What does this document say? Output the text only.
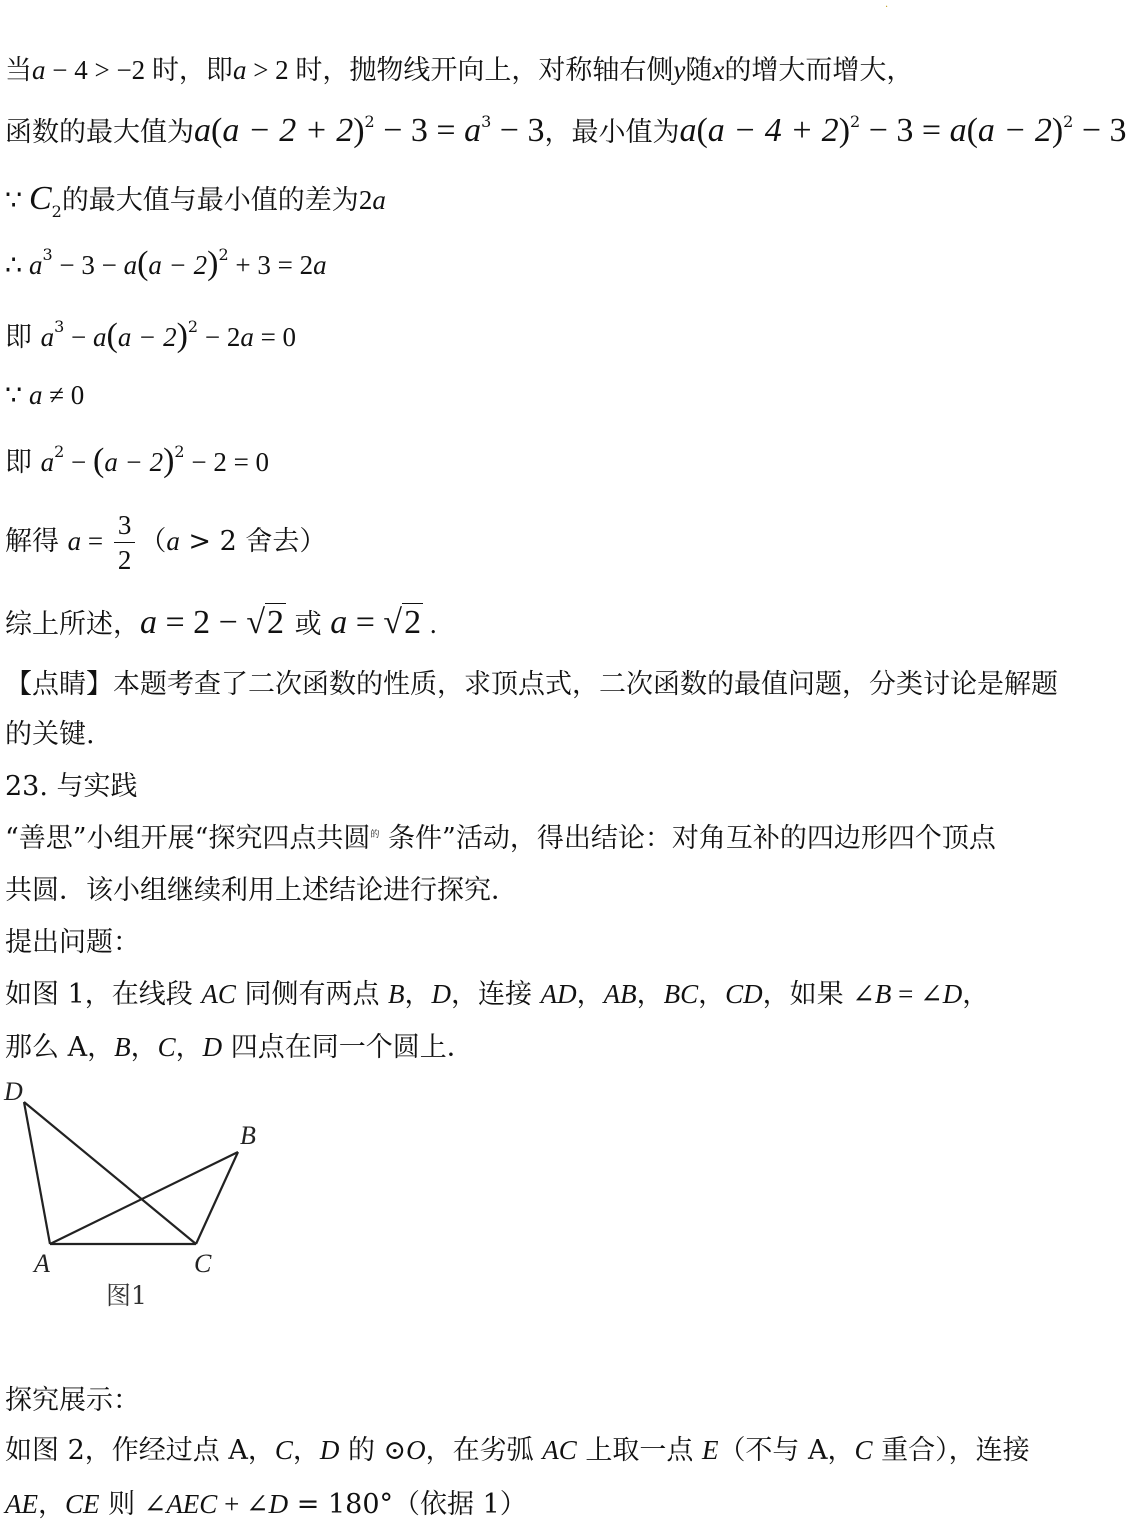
·
当a − 4 > −2 时，即a > 2 时，抛物线开向上，对称轴右侧y随x的增大而增大，
函数的最大值为$a(a - 2 + 2)^2 - 3 = a^3 - 3$，最小值为$a(a - 4 + 2)^2 - 3 = a(a - 2)^2 - 3$
∵ $C_2$的最大值与最小值的差为2a
∴ $a^3 - 3 - a(a - 2)^2 + 3 = 2a$
即 $a^3 - a(a - 2)^2 - 2a = 0$
∵ a ≠ 0
即 $a^2 - (a - 2)^2 - 2 = 0$
解得 $a = \frac{3}{2} (a > 2$ 舍去）
综上所述，a = 2 − √2 或 a = √2 .
【点睛】本题考查了二次函数的性质，求顶点式，二次函数的最值问题，分类讨论是解题
的关键.
23. 与实践
“善思”小组开展“探究四点共圆$^的$ 条件”活动，得出结论：对角互补的四边形四个顶点
共圆．该小组继续利用上述结论进行探究．
提出问题：
如图 1，在线段 AC 同侧有两点 B，D，连接 AD，AB，BC，CD，如果 ∠B = ∠D，
那么 A，B，C，D 四点在同一个圆上．
D
B
A	C
图1
探究展示：
如图 2，作经过点 A，C，D 的 ⊙O，在劣弧 AC 上取一点 E（不与 A，C 重合），连接
AE，CE 则 ∠AEC + ∠D = 180°（依据 1）
